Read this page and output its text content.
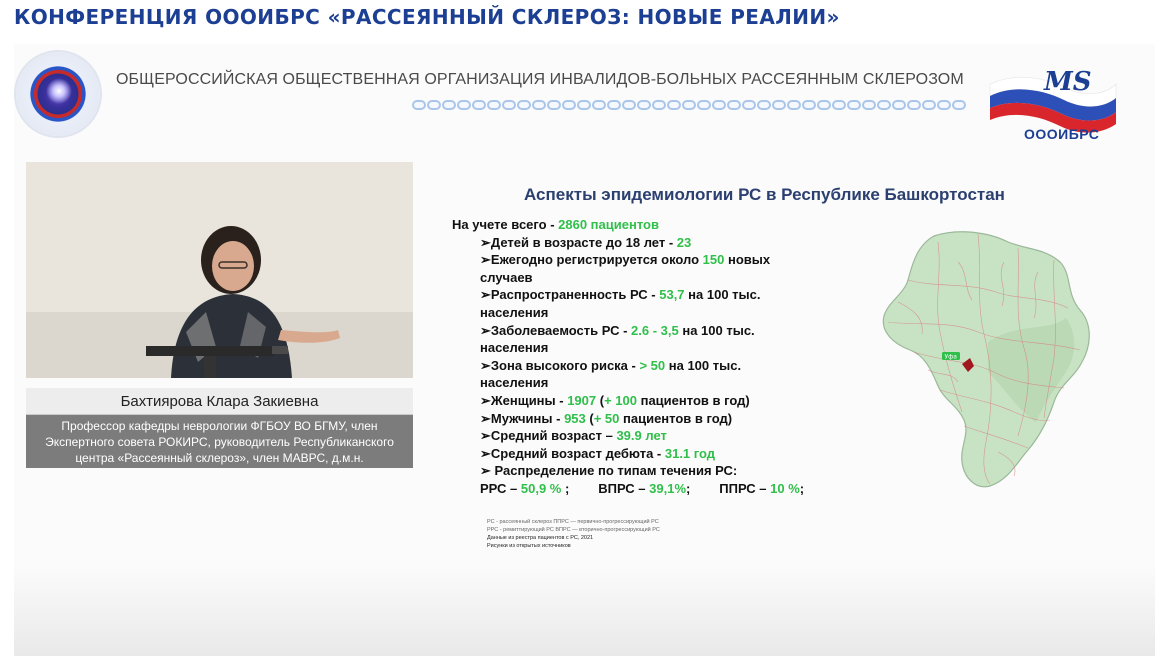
КОНФЕРЕНЦИЯ ОООИБРС «РАССЕЯННЫЙ СКЛЕРОЗ: НОВЫЕ РЕАЛИИ»
ОБЩЕРОССИЙСКАЯ ОБЩЕСТВЕННАЯ ОРГАНИЗАЦИЯ ИНВАЛИДОВ-БОЛЬНЫХ РАССЕЯННЫМ СКЛЕРОЗОМ	MS
ОООИБРС
Бахтиярова Клара Закиевна
Профессор кафедры неврологии ФГБОУ ВО БГМУ, член
Экспертного совета РОКИРС, руководитель Республиканского
центра «Рассеянный склероз», член МАВРС, д.м.н.
Аспекты эпидемиологии РС в Республике Башкортостан
На учете всего - 2860 пациентов
➢Детей в возрасте до 18 лет - 23
➢Ежегодно регистрируется около 150 новых
случаев
➢Распространенность РС - 53,7 на 100 тыс.
населения
➢Заболеваемость РС - 2.6 - 3,5 на 100 тыс.
населения
➢Зона высокого риска - > 50 на 100 тыс.
населения
➢Женщины - 1907 (+ 100 пациентов в год)
➢Мужчины - 953 (+ 50 пациентов в год)
➢Средний возраст – 39.9 лет
➢Средний возраст дебюта - 31.1 год
➢ Распределение по типам течения РС:
РРС – 50,9 % ; ВПРС – 39,1%; ППРС – 10 %;
РС - рассеянный склероз ППРС — первично-прогрессирующий РС
РРС - ремиттирующий РС ВПРС — вторично-прогрессирующий РС
Данные из реестра пациентов с РС, 2021
Рисунки из открытых источников
Уфа
